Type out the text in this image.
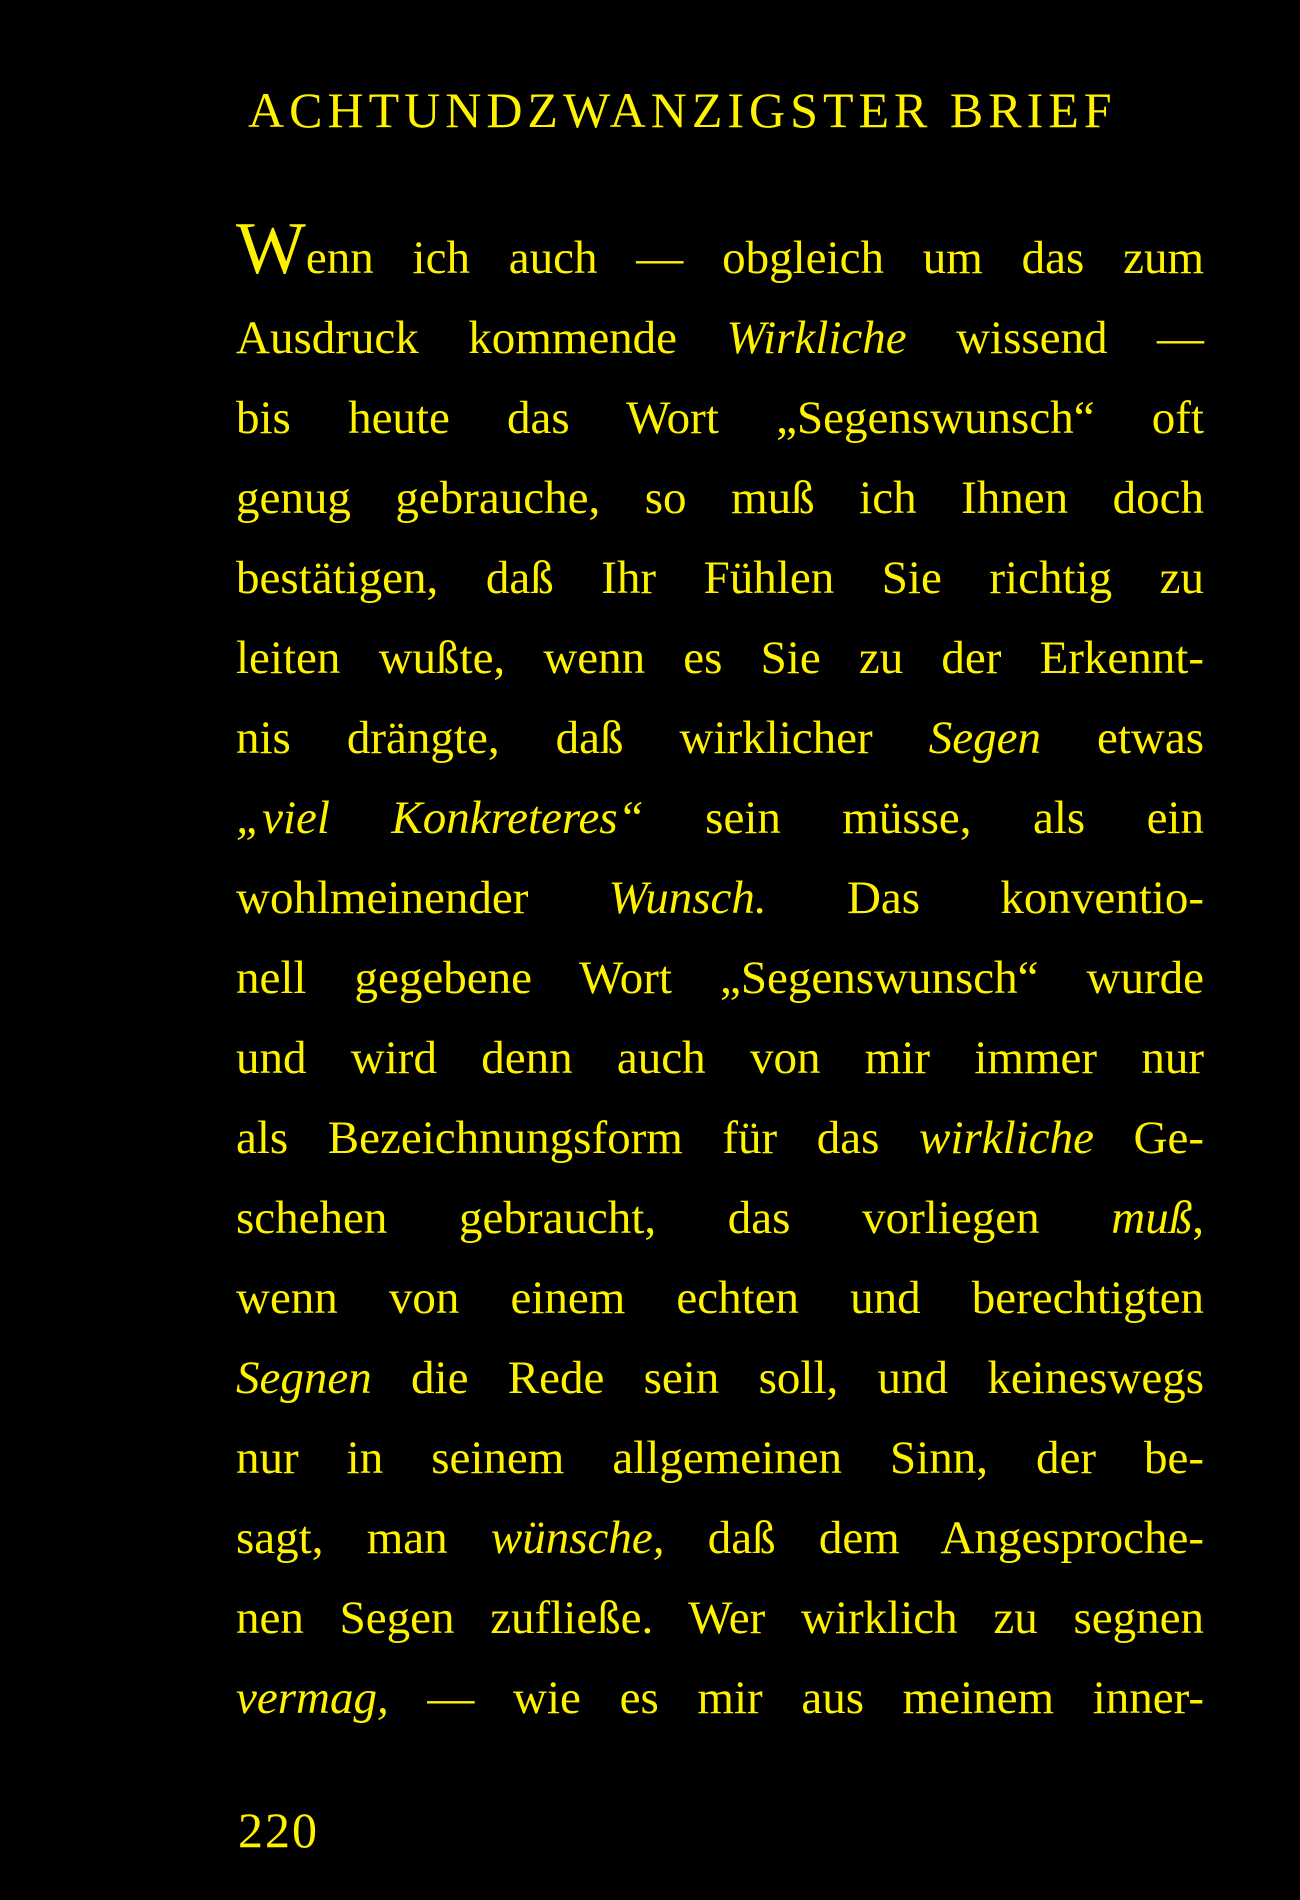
ACHTUNDZWANZIGSTER BRIEF
Wenn ich auch — obgleich um das zum
Ausdruck kommende Wirkliche wissend —
bis heute das Wort „Segenswunsch“ oft
genug gebrauche, so muß ich Ihnen doch
bestätigen, daß Ihr Fühlen Sie richtig zu
leiten wußte, wenn es Sie zu der Erkennt-
nis drängte, daß wirklicher Segen etwas
„viel Konkreteres“ sein müsse, als ein
wohlmeinender Wunsch. Das konventio-
nell gegebene Wort „Segenswunsch“ wurde
und wird denn auch von mir immer nur
als Bezeichnungsform für das wirkliche Ge-
schehen gebraucht, das vorliegen muß,
wenn von einem echten und berechtigten
Segnen die Rede sein soll, und keineswegs
nur in seinem allgemeinen Sinn, der be-
sagt, man wünsche, daß dem Angesproche-
nen Segen zufließe. Wer wirklich zu segnen
vermag, — wie es mir aus meinem inner-
220
